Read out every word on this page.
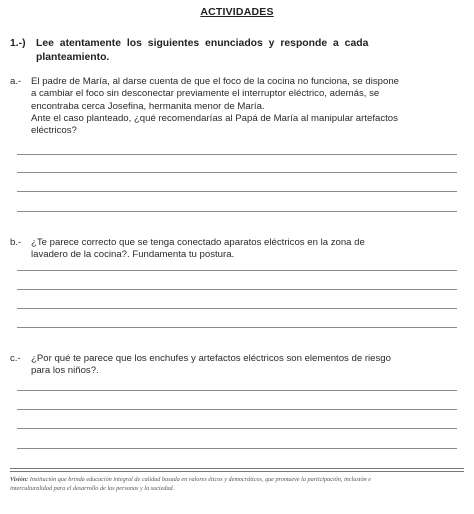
ACTIVIDADES
1.-) Lee atentamente los siguientes enunciados y responde a cada
planteamiento.
a.- El padre de María, al darse cuenta de que el foco de la cocina no funciona, se dispone
a cambiar el foco sin desconectar previamente el interruptor eléctrico, además, se
encontraba cerca Josefina, hermanita menor de María.
Ante el caso planteado, ¿qué recomendarías al Papá de María al manipular artefactos
eléctricos?
b.- ¿Te parece correcto que se tenga conectado aparatos eléctricos en la zona de
lavadero de la cocina?. Fundamenta tu postura.
c.- ¿Por qué te parece que los enchufes y artefactos eléctricos son elementos de riesgo
para los niños?.
Visión: Institución que brinda educación integral de calidad basada en valores éticos y democráticos, que promueve la participación, inclusión e
interculturalidad para el desarrollo de las personas y la sociedad.
